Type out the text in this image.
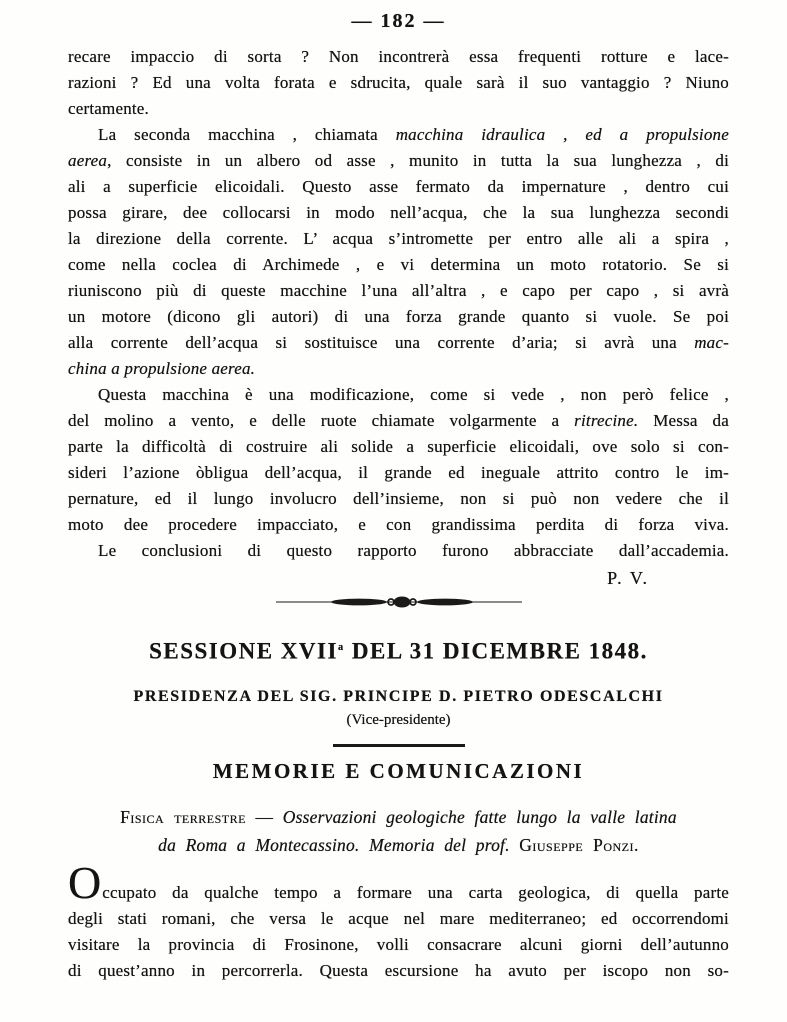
— 182 —
recare impaccio di sorta ? Non incontrerà essa frequenti rotture e lace-
razioni ? Ed una volta forata e sdrucita, quale sarà il suo vantaggio ? Niuno
certamente.
La seconda macchina , chiamata macchina idraulica , ed a propulsione
aerea, consiste in un albero od asse , munito in tutta la sua lunghezza , di
ali a superficie elicoidali. Questo asse fermato da impernature , dentro cui
possa girare, dee collocarsi in modo nell’acqua, che la sua lunghezza secondi
la direzione della corrente. L’ acqua s’intromette per entro alle ali a spira ,
come nella coclea di Archimede , e vi determina un moto rotatorio. Se si
riuniscono più di queste macchine l’una all’altra , e capo per capo , si avrà
un motore (dicono gli autori) di una forza grande quanto si vuole. Se poi
alla corrente dell’acqua si sostituisce una corrente d’aria; si avrà una mac-
china a propulsione aerea.
Questa macchina è una modificazione, come si vede , non però felice ,
del molino a vento, e delle ruote chiamate volgarmente a ritrecine. Messa da
parte la difficoltà di costruire ali solide a superficie elicoidali, ove solo si con-
sideri l’azione òbligua dell’acqua, il grande ed ineguale attrito contro le im-
pernature, ed il lungo involucro dell’insieme, non si può non vedere che il
moto dee procedere impacciato, e con grandissima perdita di forza viva.
Le conclusioni di questo rapporto furono abbracciate dall’accademia.
P. V.
SESSIONE XVII$^a$ DEL 31 DICEMBRE 1848.
PRESIDENZA DEL SIG. PRINCIPE D. PIETRO ODESCALCHI
(Vice-presidente)
MEMORIE E COMUNICAZIONI
Fisica terrestre — Osservazioni geologiche fatte lungo la valle latina
da Roma a Montecassino. Memoria del prof. Giuseppe Ponzi.
Occupato da qualche tempo a formare una carta geologica, di quella parte
degli stati romani, che versa le acque nel mare mediterraneo; ed occorrendomi
visitare la provincia di Frosinone, volli consacrare alcuni giorni dell’autunno
di quest’anno in percorrerla. Questa escursione ha avuto per iscopo non so-
